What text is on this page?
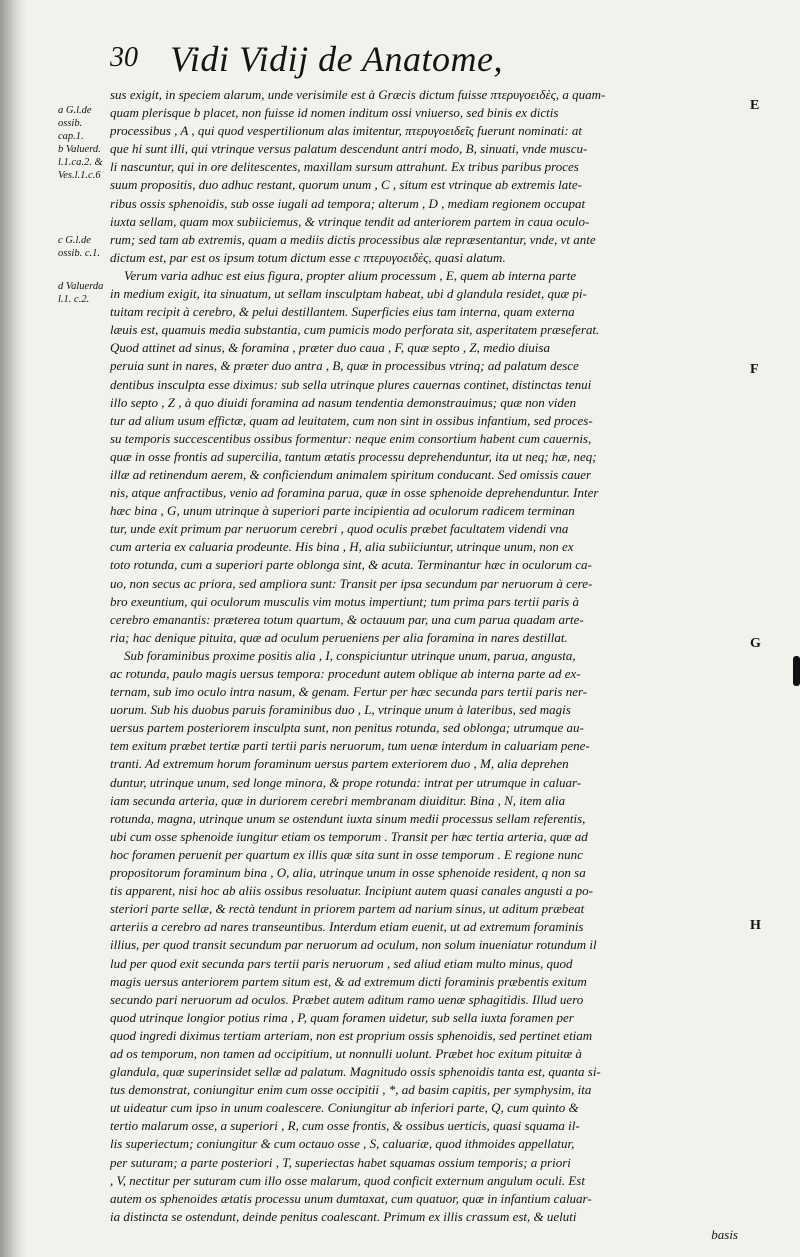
30 Vidi Vidij de Anatome,
a G.l.de ossib. cap.1.
b Valuerd. l.1.ca.2. &
Ves.l.1.c.6
c G.l.de ossib. c.1.
d Valuerda l.1. c.2.
E
F
G
H
sus exigit, in speciem alarum, unde verisimile est à Græcis dictum fuisse πτερυγοειδὲς, a quam-
quam plerisque b placet, non fuisse id nomen inditum ossi vniuerso, sed binis ex dictis
processibus , A , qui quod vespertilionum alas imitentur, πτερυγοειδεῖς fuerunt nominati: at
que hi sunt illi, qui vtrinque versus palatum descendunt antri modo, B, sinuati, vnde muscu-
li nascuntur, qui in ore delitescentes, maxillam sursum attrahunt. Ex tribus paribus proces
suum propositis, duo adhuc restant, quorum unum , C , situm est vtrinque ab extremis late-
ribus ossis sphenoidis, sub osse iugali ad tempora; alterum , D , mediam regionem occupat
iuxta sellam, quam mox subiiciemus, & vtrinque tendit ad anteriorem partem in caua oculo-
rum; sed tam ab extremis, quam a mediis dictis processibus alæ repræsentantur, vnde, vt ante
dictum est, par est os ipsum totum dictum esse c πτερυγοειδὲς, quasi alatum.
Verum varia adhuc est eius figura, propter alium processum , E, quem ab interna parte
in medium exigit, ita sinuatum, ut sellam insculptam habeat, ubi d glandula residet, quæ pi-
tuitam recipit à cerebro, & pelui destillantem. Superficies eius tam interna, quam externa
læuis est, quamuis media substantia, cum pumicis modo perforata sit, asperitatem præseferat.
Quod attinet ad sinus, & foramina , præter duo caua , F, quæ septo , Z, medio diuisa
peruia sunt in nares, & præter duo antra , B, quæ in processibus vtrinq; ad palatum desce
dentibus insculpta esse diximus: sub sella utrinque plures cauernas continet, distinctas tenui
illo septo , Z , à quo diuidi foramina ad nasum tendentia demonstrauimus; quæ non viden
tur ad alium usum effictæ, quam ad leuitatem, cum non sint in ossibus infantium, sed proces-
su temporis succescentibus ossibus formentur: neque enim consortium habent cum cauernis,
quæ in osse frontis ad supercilia, tantum ætatis processu deprehenduntur, ita ut neq; hæ, neq;
illæ ad retinendum aerem, & conficiendum animalem spiritum conducant. Sed omissis cauer
nis, atque anfractibus, venio ad foramina parua, quæ in osse sphenoide deprehenduntur. Inter
hæc bina , G, unum utrinque à superiori parte incipientia ad oculorum radicem terminan
tur, unde exit primum par neruorum cerebri , quod oculis præbet facultatem videndi vna
cum arteria ex caluaria prodeunte. His bina , H, alia subiiciuntur, utrinque unum, non ex
toto rotunda, cum a superiori parte oblonga sint, & acuta. Terminantur hæc in oculorum ca-
uo, non secus ac priora, sed ampliora sunt: Transit per ipsa secundum par neruorum à cere-
bro exeuntium, qui oculorum musculis vim motus impertiunt; tum prima pars tertii paris à
cerebro emanantis: præterea totum quartum, & octauum par, una cum parua quadam arte-
ria; hac denique pituita, quæ ad oculum perueniens per alia foramina in nares destillat.
Sub foraminibus proxime positis alia , I, conspiciuntur utrinque unum, parua, angusta,
ac rotunda, paulo magis uersus tempora: procedunt autem oblique ab interna parte ad ex-
ternam, sub imo oculo intra nasum, & genam. Fertur per hæc secunda pars tertii paris ner-
uorum. Sub his duobus paruis foraminibus duo , L, vtrinque unum à lateribus, sed magis
uersus partem posteriorem insculpta sunt, non penitus rotunda, sed oblonga; utrumque au-
tem exitum præbet tertiæ parti tertii paris neruorum, tum uenæ interdum in caluariam pene-
tranti. Ad extremum horum foraminum uersus partem exteriorem duo , M, alia deprehen
duntur, utrinque unum, sed longe minora, & prope rotunda: intrat per utrumque in caluar-
iam secunda arteria, quæ in duriorem cerebri membranam diuiditur. Bina , N, item alia
rotunda, magna, utrinque unum se ostendunt iuxta sinum medii processus sellam referentis,
ubi cum osse sphenoide iungitur etiam os temporum . Transit per hæc tertia arteria, quæ ad
hoc foramen peruenit per quartum ex illis quæ sita sunt in osse temporum . E regione nunc
propositorum foraminum bina , O, alia, utrinque unum in osse sphenoide resident, q non sa
tis apparent, nisi hoc ab aliis ossibus resoluatur. Incipiunt autem quasi canales angusti a po-
steriori parte sellæ, & rectà tendunt in priorem partem ad narium sinus, ut aditum præbeat
arteriis a cerebro ad nares transeuntibus. Interdum etiam euenit, ut ad extremum foraminis
illius, per quod transit secundum par neruorum ad oculum, non solum inueniatur rotundum il
lud per quod exit secunda pars tertii paris neruorum , sed aliud etiam multo minus, quod
magis uersus anteriorem partem situm est, & ad extremum dicti foraminis præbentis exitum
secundo pari neruorum ad oculos. Præbet autem aditum ramo uenæ sphagitidis. Illud uero
quod utrinque longior potius rima , P, quam foramen uidetur, sub sella iuxta foramen per
quod ingredi diximus tertiam arteriam, non est proprium ossis sphenoidis, sed pertinet etiam
ad os temporum, non tamen ad occipitium, ut nonnulli uolunt. Præbet hoc exitum pituitæ à
glandula, quæ superinsidet sellæ ad palatum. Magnitudo ossis sphenoidis tanta est, quanta si-
tus demonstrat, coniungitur enim cum osse occipitii , *, ad basim capitis, per symphysim, ita
ut uideatur cum ipso in unum coalescere. Coniungitur ab inferiori parte, Q, cum quinto &
tertio malarum osse, a superiori , R, cum osse frontis, & ossibus uerticis, quasi squama il-
lis superiectum; coniungitur & cum octauo osse , S, caluariæ, quod ithmoides appellatur,
per suturam; a parte posteriori , T, superiectas habet squamas ossium temporis; a priori
, V, nectitur per suturam cum illo osse malarum, quod conficit externum angulum oculi. Est
autem os sphenoides ætatis processu unum dumtaxat, cum quatuor, quæ in infantium caluar-
ia distincta se ostendunt, deinde penitus coalescant. Primum ex illis crassum est, & ueluti
basis
